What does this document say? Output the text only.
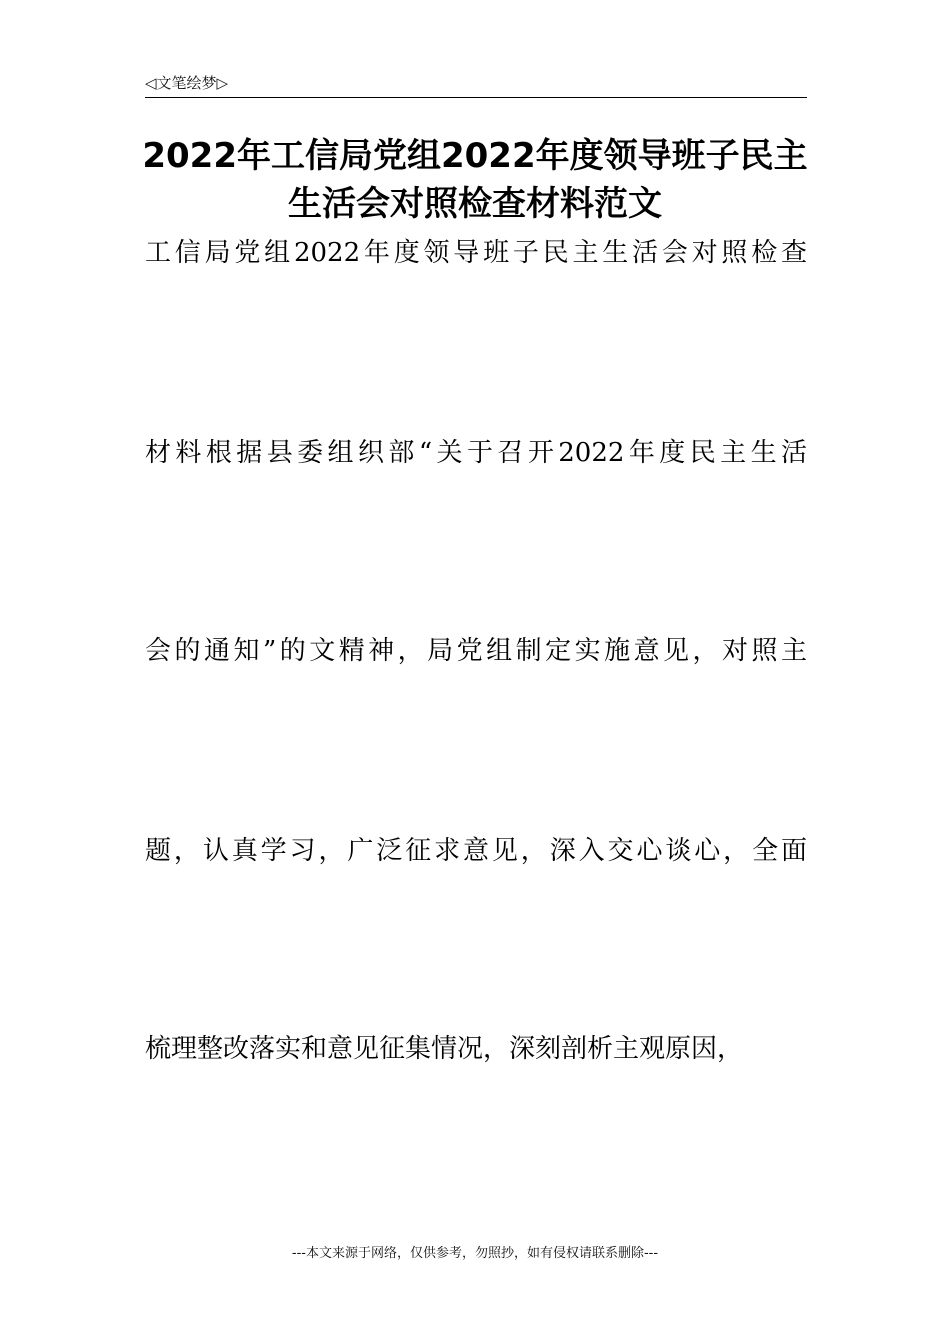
◁文笔绘梦▷
2022年工信局党组2022年度领导班子民主
生活会对照检查材料范文
工信局党组2022年度领导班子民主生活会对照检查
材料根据县委组织部“关于召开2022年度民主生活
会的通知”的文精神，局党组制定实施意见，对照主
题，认真学习，广泛征求意见，深入交心谈心，全面
梳理整改落实和意见征集情况，深刻剖析主观原因，
---本文来源于网络，仅供参考，勿照抄，如有侵权请联系删除---
